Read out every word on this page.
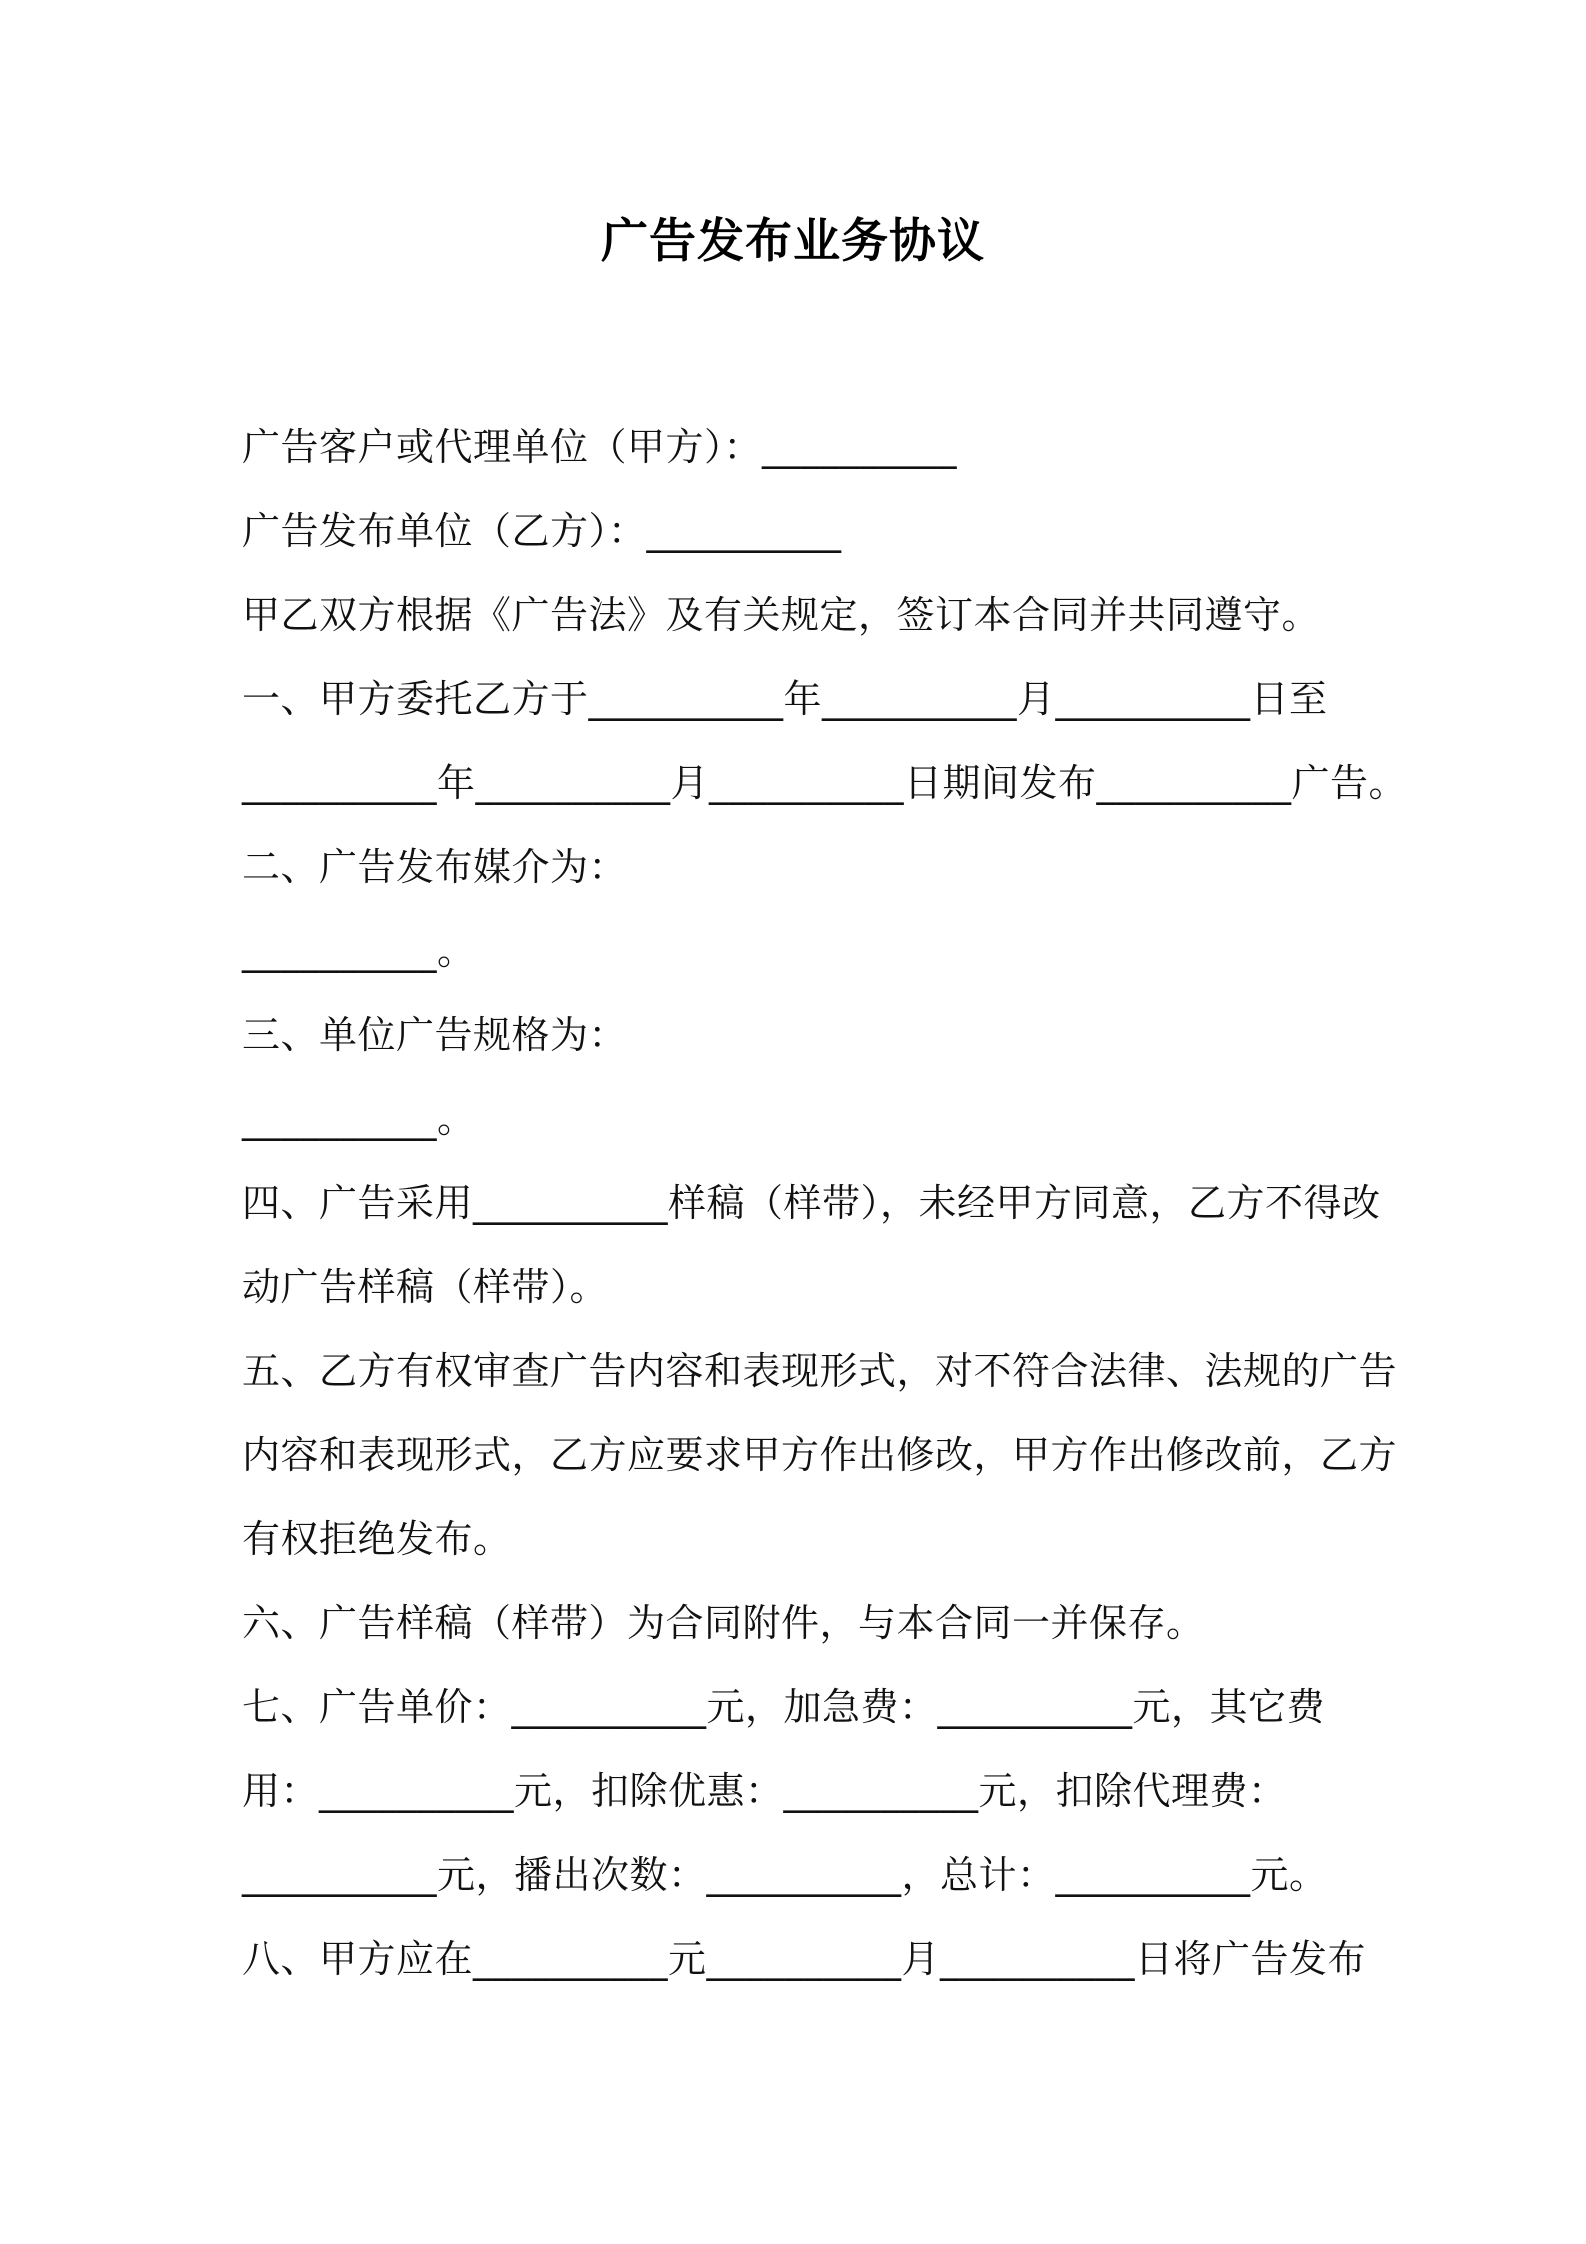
广告发布业务协议
广告客户或代理单位（甲方）：__________
广告发布单位（乙方）：__________
甲乙双方根据《广告法》及有关规定，签订本合同并共同遵守。
一、甲方委托乙方于__________年__________月__________日至
__________年__________月__________日期间发布__________广告。
二、广告发布媒介为：
__________。
三、单位广告规格为：
__________。
四、广告采用__________样稿（样带），未经甲方同意，乙方不得改
动广告样稿（样带）。
五、乙方有权审查广告内容和表现形式，对不符合法律、法规的广告
内容和表现形式，乙方应要求甲方作出修改，甲方作出修改前，乙方
有权拒绝发布。
六、广告样稿（样带）为合同附件，与本合同一并保存。
七、广告单价：__________元，加急费：__________元，其它费
用：__________元，扣除优惠：__________元，扣除代理费：
__________元，播出次数：__________，总计：__________元。
八、甲方应在__________元__________月__________日将广告发布
